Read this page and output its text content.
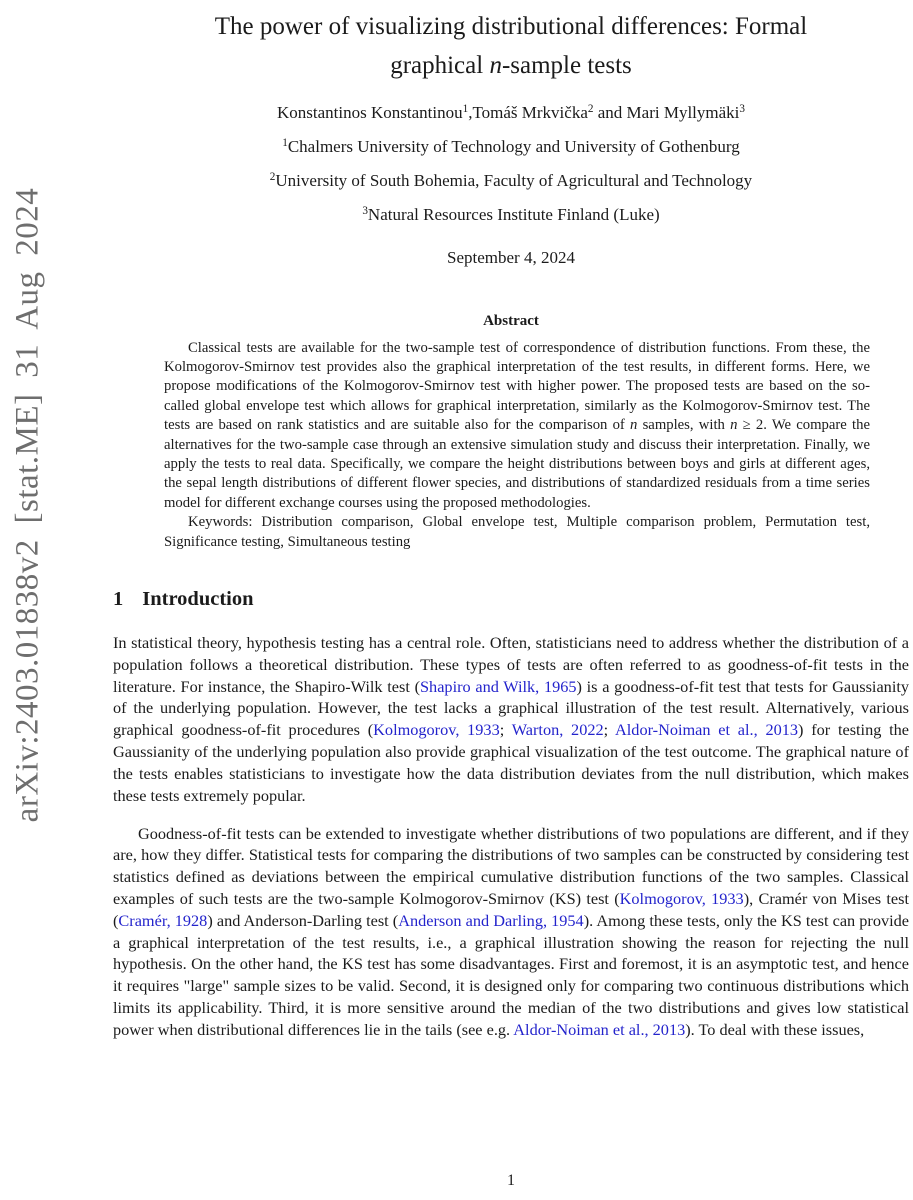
arXiv:2403.01838v2 [stat.ME] 31 Aug 2024
The power of visualizing distributional differences: Formal
graphical n-sample tests
Konstantinos Konstantinou$^1$,Tomáš Mrkvička$^2$ and Mari Myllymäki$^3$
$^1$Chalmers University of Technology and University of Gothenburg
$^2$University of South Bohemia, Faculty of Agricultural and Technology
$^3$Natural Resources Institute Finland (Luke)
September 4, 2024
Abstract

Classical tests are available for the two-sample test of correspondence of distribution functions. From these, the Kolmogorov-Smirnov test provides also the graphical interpretation of the test results, in different forms. Here, we propose modifications of the Kolmogorov-Smirnov test with higher power. The proposed tests are based on the so-called global envelope test which allows for graphical interpretation, similarly as the Kolmogorov-Smirnov test. The tests are based on rank statistics and are suitable also for the comparison of n samples, with n ≥ 2. We compare the alternatives for the two-sample case through an extensive simulation study and discuss their interpretation. Finally, we apply the tests to real data. Specifically, we compare the height distributions between boys and girls at different ages, the sepal length distributions of different flower species, and distributions of standardized residuals from a time series model for different exchange courses using the proposed methodologies.

Keywords: Distribution comparison, Global envelope test, Multiple comparison problem, Permutation test, Significance testing, Simultaneous testing

1 Introduction

In statistical theory, hypothesis testing has a central role. Often, statisticians need to address whether the distribution of a population follows a theoretical distribution. These types of tests are often referred to as goodness-of-fit tests in the literature. For instance, the Shapiro-Wilk test (Shapiro and Wilk, 1965) is a goodness-of-fit test that tests for Gaussianity of the underlying population. However, the test lacks a graphical illustration of the test result. Alternatively, various graphical goodness-of-fit procedures (Kolmogorov, 1933; Warton, 2022; Aldor-Noiman et al., 2013) for testing the Gaussianity of the underlying population also provide graphical visualization of the test outcome. The graphical nature of the tests enables statisticians to investigate how the data distribution deviates from the null distribution, which makes these tests extremely popular.

Goodness-of-fit tests can be extended to investigate whether distributions of two populations are different, and if they are, how they differ. Statistical tests for comparing the distributions of two samples can be constructed by considering test statistics defined as deviations between the empirical cumulative distribution functions of the two samples. Classical examples of such tests are the two-sample Kolmogorov-Smirnov (KS) test (Kolmogorov, 1933), Cramér von Mises test (Cramér, 1928) and Anderson-Darling test (Anderson and Darling, 1954). Among these tests, only the KS test can provide a graphical interpretation of the test results, i.e., a graphical illustration showing the reason for rejecting the null hypothesis. On the other hand, the KS test has some disadvantages. First and foremost, it is an asymptotic test, and hence it requires "large" sample sizes to be valid. Second, it is designed only for comparing two continuous distributions which limits its applicability. Third, it is more sensitive around the median of the two distributions and gives low statistical power when distributional differences lie in the tails (see e.g. Aldor-Noiman et al., 2013). To deal with these issues,

1
